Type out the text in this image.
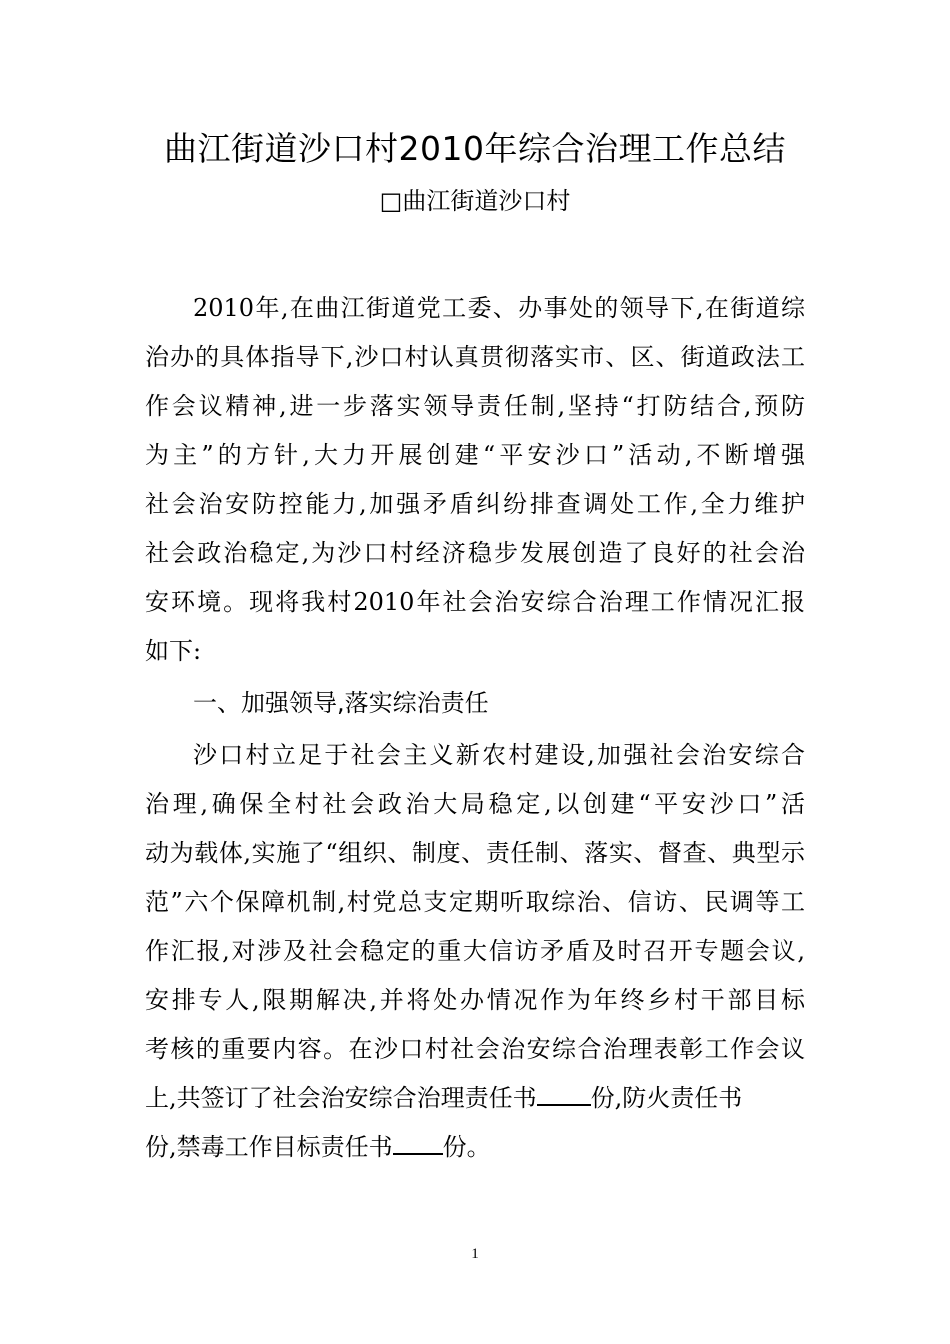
曲江街道沙口村2010年综合治理工作总结
□曲江街道沙口村
2010年,在曲江街道党工委、办事处的领导下,在街道综
治办的具体指导下,沙口村认真贯彻落实市、区、街道政法工
作会议精神,进一步落实领导责任制,坚持“打防结合,预防
为主”的方针,大力开展创建“平安沙口”活动,不断增强
社会治安防控能力,加强矛盾纠纷排查调处工作,全力维护
社会政治稳定,为沙口村经济稳步发展创造了良好的社会治
安环境。现将我村2010年社会治安综合治理工作情况汇报
如下:
一、加强领导,落实综治责任
沙口村立足于社会主义新农村建设,加强社会治安综合
治理,确保全村社会政治大局稳定,以创建“平安沙口”活
动为载体,实施了“组织、制度、责任制、落实、督查、典型示
范”六个保障机制,村党总支定期听取综治、信访、民调等工
作汇报,对涉及社会稳定的重大信访矛盾及时召开专题会议,
安排专人,限期解决,并将处办情况作为年终乡村干部目标
考核的重要内容。在沙口村社会治安综合治理表彰工作会议
上,共签订了社会治安综合治理责任书 份,防火责任书
份,禁毒工作目标责任书 份。
1
